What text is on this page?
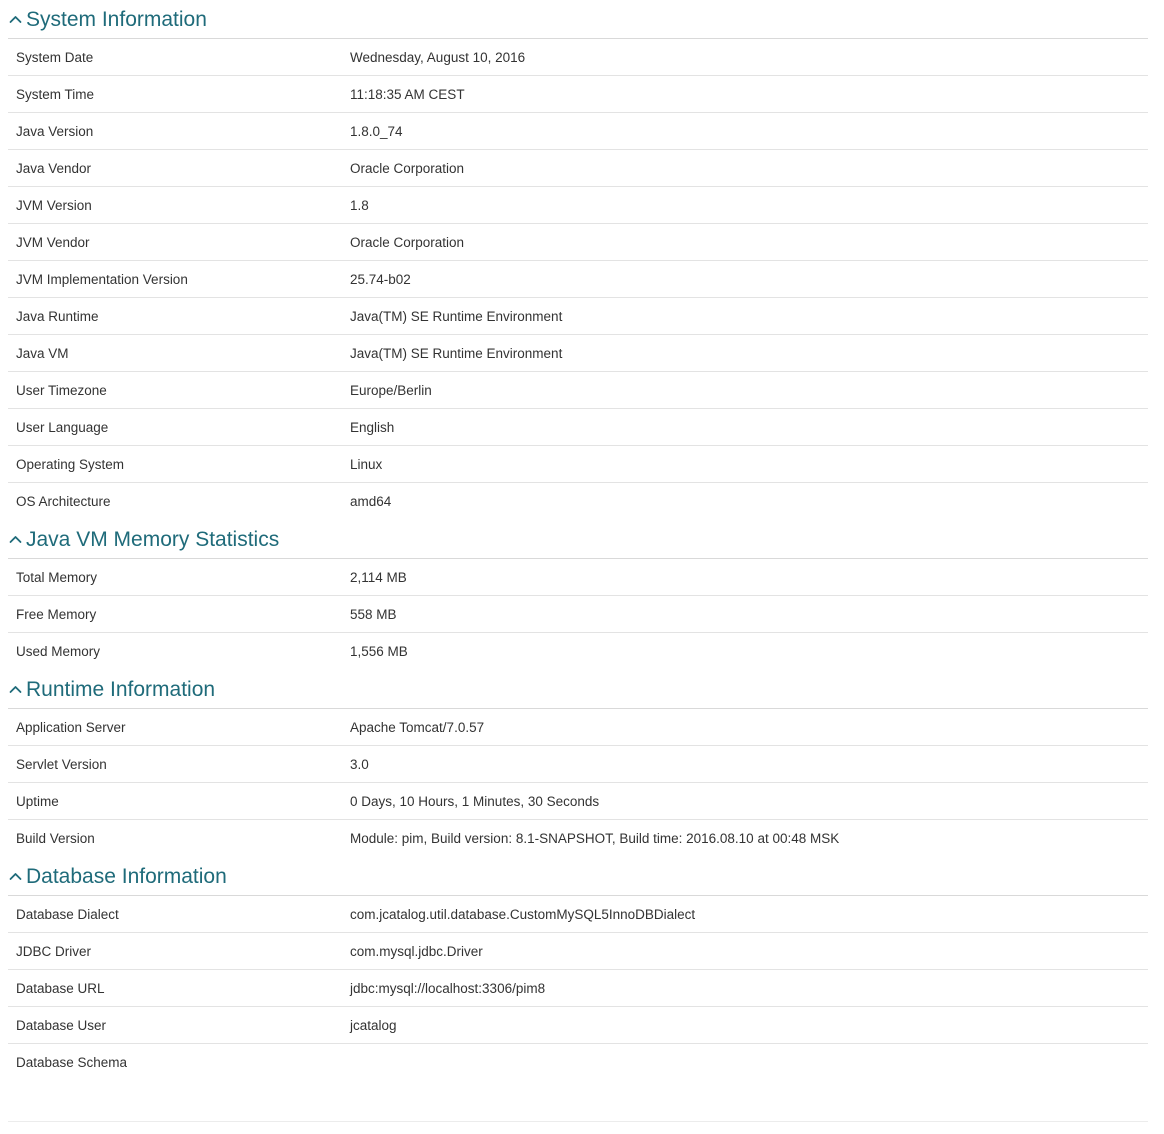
System Information
System Date	Wednesday, August 10, 2016
System Time	11:18:35 AM CEST
Java Version	1.8.0_74
Java Vendor	Oracle Corporation
JVM Version	1.8
JVM Vendor	Oracle Corporation
JVM Implementation Version	25.74-b02
Java Runtime	Java(TM) SE Runtime Environment
Java VM	Java(TM) SE Runtime Environment
User Timezone	Europe/Berlin
User Language	English
Operating System	Linux
OS Architecture	amd64
Java VM Memory Statistics
Total Memory	2,114 MB
Free Memory	558 MB
Used Memory	1,556 MB
Runtime Information
Application Server	Apache Tomcat/7.0.57
Servlet Version	3.0
Uptime	0 Days, 10 Hours, 1 Minutes, 30 Seconds
Build Version	Module: pim, Build version: 8.1-SNAPSHOT, Build time: 2016.08.10 at 00:48 MSK
Database Information
Database Dialect	com.jcatalog.util.database.CustomMySQL5InnoDBDialect
JDBC Driver	com.mysql.jdbc.Driver
Database URL	jdbc:mysql://localhost:3306/pim8
Database User	jcatalog
Database Schema
